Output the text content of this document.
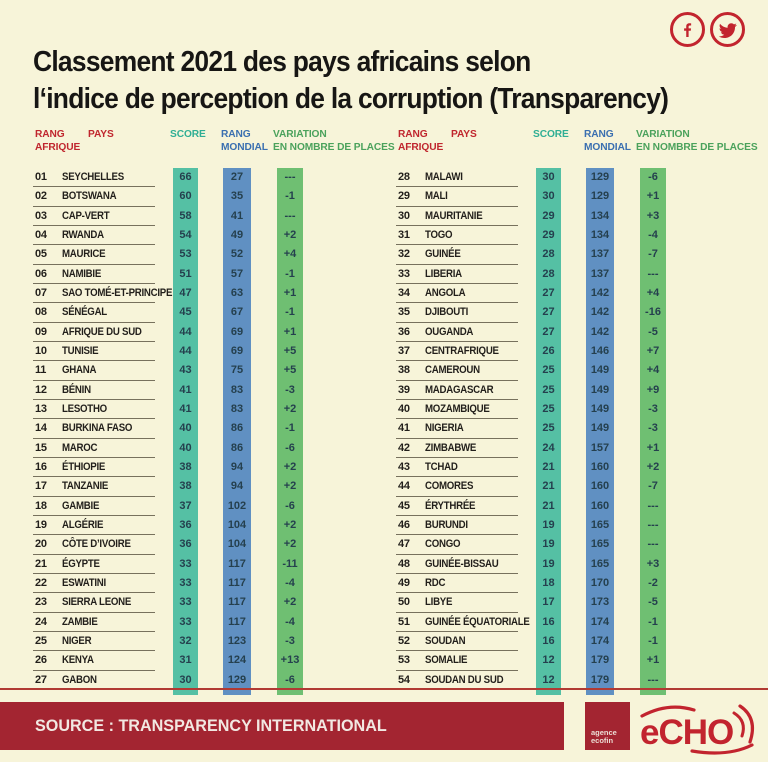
Classement 2021 des pays africains selon
l‘indice de perception de la corruption (Transparency)
RANG
AFRIQUE
PAYS	SCORE RANG
MONDIAL
VARIATION
EN NOMBRE DE PLACES
01 SEYCHELLES	66	27	---
02 BOTSWANA	60	35	-1
03 CAP-VERT	58	41	---
04 RWANDA	54	49	+2
05 MAURICE	53	52	+4
06 NAMIBIE	51	57	-1
07 SAO TOMÉ-ET-PRINCIPE 47	63	+1
08 SÉNÉGAL	45	67	-1
09 AFRIQUE DU SUD	44	69	+1
10 TUNISIE	44	69	+5
11 GHANA	43	75	+5
12 BÉNIN	41	83	-3
13 LESOTHO	41	83	+2
14 BURKINA FASO	40	86	-1
15 MAROC	40	86	-6
16 ÉTHIOPIE	38	94	+2
17 TANZANIE	38	94	+2
18 GAMBIE	37	102	-6
19 ALGÉRIE	36	104	+2
20 CÔTE D’IVOIRE	36	104	+2
21 ÉGYPTE	33	117	-11
22 ESWATINI	33	117	-4
23 SIERRA LEONE	33	117	+2
24 ZAMBIE	33	117	-4
25 NIGER	32	123	-3
26 KENYA	31	124	+13
27 GABON	30	129	-6
RANG
AFRIQUE
PAYS	SCORE RANG
MONDIAL
VARIATION
EN NOMBRE DE PLACES
28 MALAWI	30	129	-6
29 MALI	30	129	+1
30 MAURITANIE	29	134	+3
31 TOGO	29	134	-4
32 GUINÉE	28	137	-7
33 LIBERIA	28	137	---
34 ANGOLA	27	142	+4
35 DJIBOUTI	27	142	-16
36 OUGANDA	27	142	-5
37 CENTRAFRIQUE	26	146	+7
38 CAMEROUN	25	149	+4
39 MADAGASCAR	25	149	+9
40 MOZAMBIQUE	25	149	-3
41 NIGERIA	25	149	-3
42 ZIMBABWE	24	157	+1
43 TCHAD	21	160	+2
44 COMORES	21	160	-7
45 ÉRYTHRÉE	21	160	---
46 BURUNDI	19	165	---
47 CONGO	19	165	---
48 GUINÉE-BISSAU	19	165	+3
49 RDC	18	170	-2
50 LIBYE	17	173	-5
51 GUINÉE ÉQUATORIALE	16	174	-1
52 SOUDAN	16	174	-1
53 SOMALIE	12	179	+1
54 SOUDAN DU SUD	12	179	---
SOURCE : TRANSPARENCY INTERNATIONAL	agence
ecofin eCHO
